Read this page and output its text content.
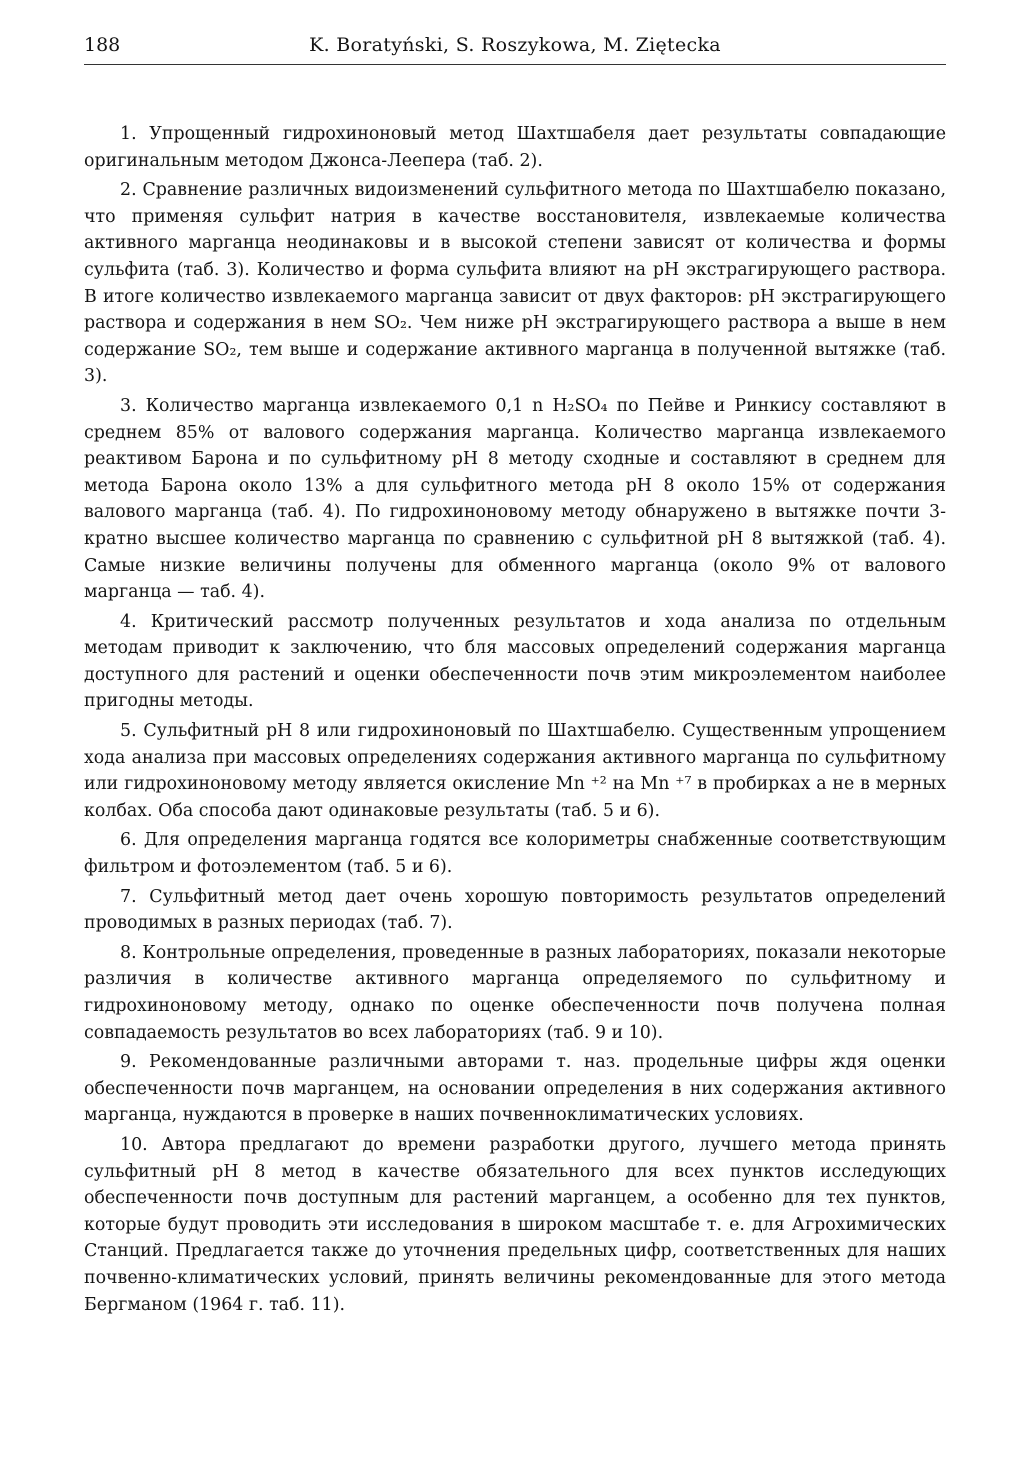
188	K. Boratyński, S. Roszykowa, M. Ziętecka

1. Упрощенный гидрохиноновый метод Шахтшабеля дает результаты совпадающие оригинальным методом Джонса-Леепера (таб. 2).

2. Сравнение различных видоизменений сульфитного метода по Шахтшабелю показано, что применяя сульфит натрия в качестве восстановителя, извлекаемые количества активного марганца неодинаковы и в высокой степени зависят от количества и формы сульфита (таб. 3). Количество и форма сульфита влияют на pH экстрагирующего раствора. В итоге количество извлекаемого марганца зависит от двух факторов: pH экстрагирующего раствора и содержания в нем SO₂. Чем ниже pH экстрагирующего раствора а выше в нем содержание SO₂, тем выше и содержание активного марганца в полученной вытяжке (таб. 3).

3. Количество марганца извлекаемого 0,1 n H₂SO₄ по Пейве и Ринкису составляют в среднем 85% от валового содержания марганца. Количество марганца извлекаемого реактивом Барона и по сульфитному pH 8 методу сходные и составляют в среднем для метода Барона около 13% а для сульфитного метода pH 8 около 15% от содержания валового марганца (таб. 4). По гидрохиноновому методу обнаружено в вытяжке почти 3-кратно высшее количество марганца по сравнению с сульфитной pH 8 вытяжкой (таб. 4). Самые низкие величины получены для обменного марганца (около 9% от валового марганца — таб. 4).

4. Критический рассмотр полученных результатов и хода анализа по отдельным методам приводит к заключению, что бля массовых определений содержания марганца доступного для растений и оценки обеспеченности почв этим микроэлементом наиболее пригодны методы.

5. Сульфитный pH 8 или гидрохиноновый по Шахтшабелю. Существенным упрощением хода анализа при массовых определениях содержания активного марганца по сульфитному или гидрохиноновому методу является окисление Mn ⁺² на Mn ⁺⁷ в пробирках а не в мерных колбах. Оба способа дают одинаковые результаты (таб. 5 и 6).

6. Для определения марганца годятся все колориметры снабженные соответствующим фильтром и фотоэлементом (таб. 5 и 6).

7. Сульфитный метод дает очень хорошую повторимость результатов определений проводимых в разных периодах (таб. 7).

8. Контрольные определения, проведенные в разных лабораториях, показали некоторые различия в количестве активного марганца определяемого по сульфитному и гидрохиноновому методу, однако по оценке обеспеченности почв получена полная совпадаемость результатов во всех лабораториях (таб. 9 и 10).

9. Рекомендованные различными авторами т. наз. продельные цифры ждя оценки обеспеченности почв марганцем, на основании определения в них содержания активного марганца, нуждаются в проверке в наших почвенноклиматических условиях.

10. Автора предлагают до времени разработки другого, лучшего метода принять сульфитный pH 8 метод в качестве обязательного для всех пунктов исследующих обеспеченности почв доступным для растений марганцем, а особенно для тех пунктов, которые будут проводить эти исследования в широком масштабе т. е. для Агрохимических Станций. Предлагается также до уточнения предельных цифр, соответственных для наших почвенно-климатических условий, принять величины рекомендованные для этого метода Бергманом (1964 г. таб. 11).
